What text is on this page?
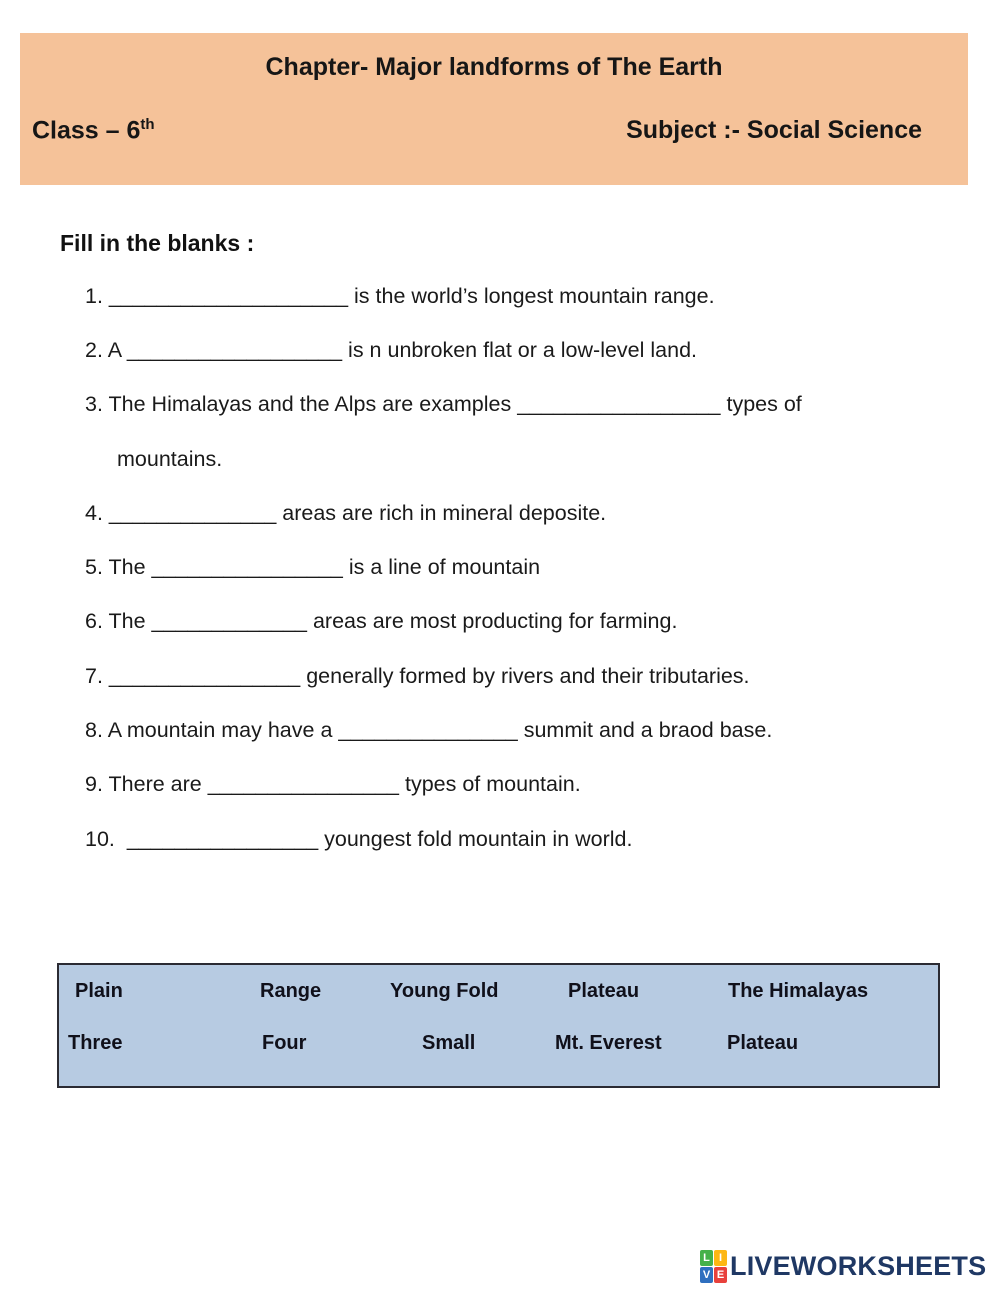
Chapter- Major landforms of The Earth
Class – 6th	Subject :- Social Science
Fill in the blanks :
1. ____________________ is the world’s longest mountain range.
2. A __________________ is n unbroken flat or a low-level land.
3. The Himalayas and the Alps are examples _________________ types of
mountains.
4. ______________ areas are rich in mineral deposite.
5. The ________________ is a line of mountain
6. The _____________ areas are most producting for farming.
7. ________________ generally formed by rivers and their tributaries.
8. A mountain may have a _______________ summit and a braod base.
9. There are ________________ types of mountain.
10.  ________________ youngest fold mountain in world.
Plain	Range	Young Fold	Plateau	The Himalayas
Three	Four	Small	Mt. Everest	Plateau
L I
V E LIVEWORKSHEETS
